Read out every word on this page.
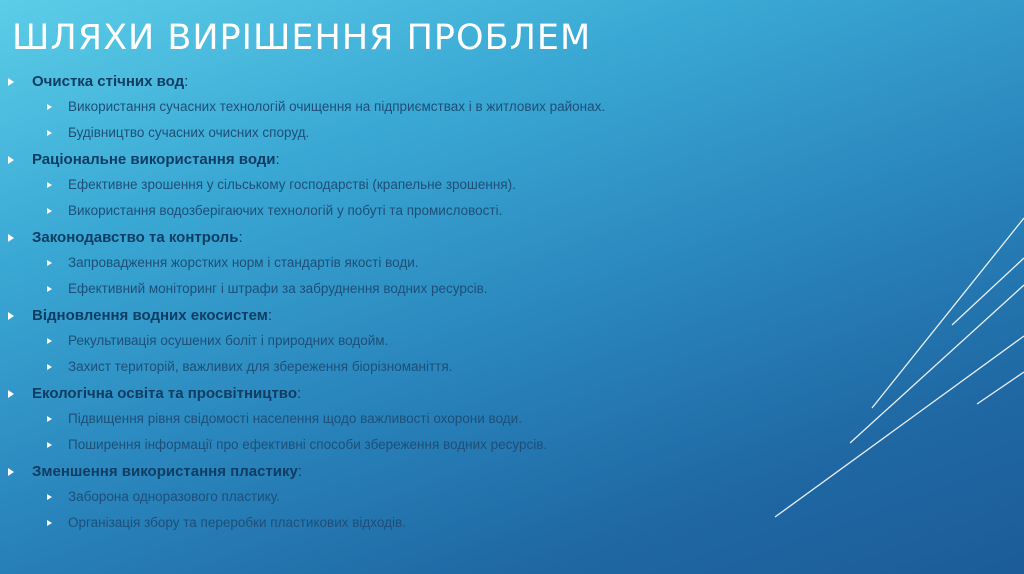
ШЛЯХИ ВИРІШЕННЯ ПРОБЛЕМ
Очистка стічних вод:
Використання сучасних технологій очищення на підприємствах і в житлових районах.
Будівництво сучасних очисних споруд.
Раціональне використання води:
Ефективне зрошення у сільському господарстві (крапельне зрошення).
Використання водозберігаючих технологій у побуті та промисловості.
Законодавство та контроль:
Запровадження жорстких норм і стандартів якості води.
Ефективний моніторинг і штрафи за забруднення водних ресурсів.
Відновлення водних екосистем:
Рекультивація осушених боліт і природних водойм.
Захист територій, важливих для збереження біорізноманіття.
Екологічна освіта та просвітництво:
Підвищення рівня свідомості населення щодо важливості охорони води.
Поширення інформації про ефективні способи збереження водних ресурсів.
Зменшення використання пластику:
Заборона одноразового пластику.
Організація збору та переробки пластикових відходів.
